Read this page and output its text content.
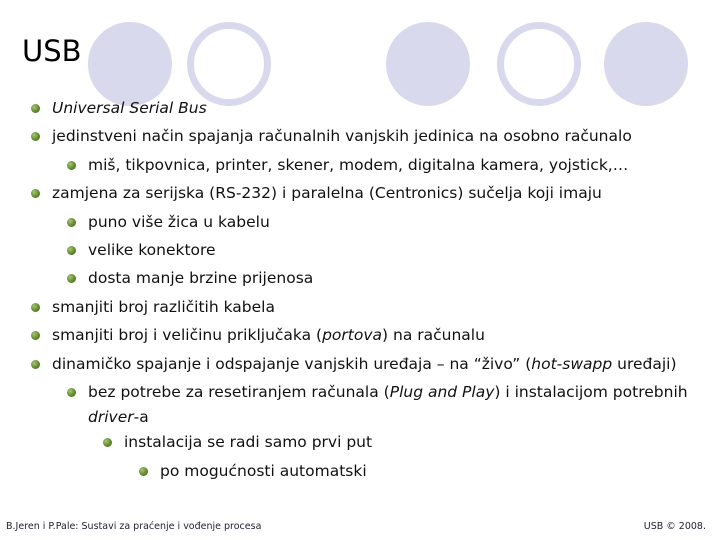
USB
Universal Serial Bus
jedinstveni način spajanja računalnih vanjskih jedinica na osobno računalo
miš, tikpovnica, printer, skener, modem, digitalna kamera, yojstick,…
zamjena za serijska (RS-232) i paralelna (Centronics) sučelja koji imaju
puno više žica u kabelu
velike konektore
dosta manje brzine prijenosa
smanjiti broj različitih kabela
smanjiti broj i veličinu priključaka (portova) na računalu
dinamičko spajanje i odspajanje vanjskih uređaja – na “živo” (hot-swapp uređaji)
bez potrebe za resetiranjem računala (Plug and Play) i instalacijom potrebnih
driver-a
instalacija se radi samo prvi put
po mogućnosti automatski
B.Jeren i P.Pale: Sustavi za praćenje i vođenje procesa	USB © 2008.
